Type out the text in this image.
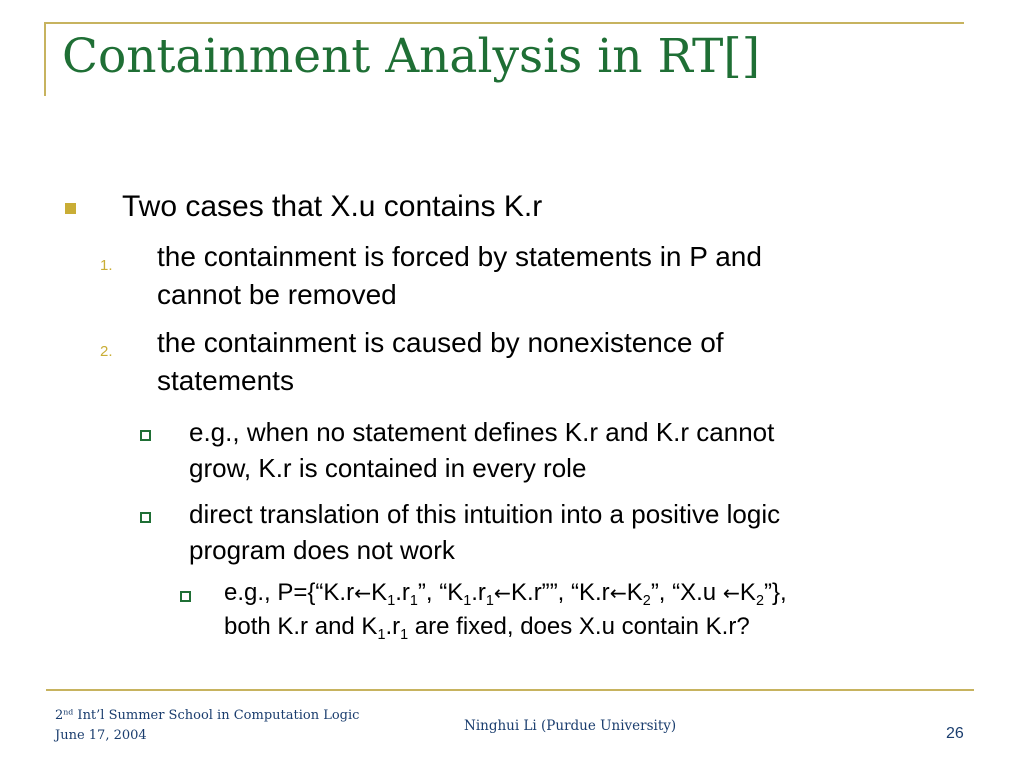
Containment Analysis in RT[]
Two cases that X.u contains K.r
1. the containment is forced by statements in P and
cannot be removed
2. the containment is caused by nonexistence of
statements
e.g., when no statement defines K.r and K.r cannot
grow, K.r is contained in every role
direct translation of this intuition into a positive logic
program does not work
e.g., $P=\{“K.r\leftarrow K_1.r_1$”, “$K_1.r_1\leftarrow K.r$””, “$K.r\leftarrow K_2$”, “X.u $\leftarrow K_2$”},
both K.r and $K_1.r_1$ are fixed, does X.u contain K.r?
2nd Int’l Summer School in Computation Logic
June 17, 2004
Ninghui Li (Purdue University)	26
